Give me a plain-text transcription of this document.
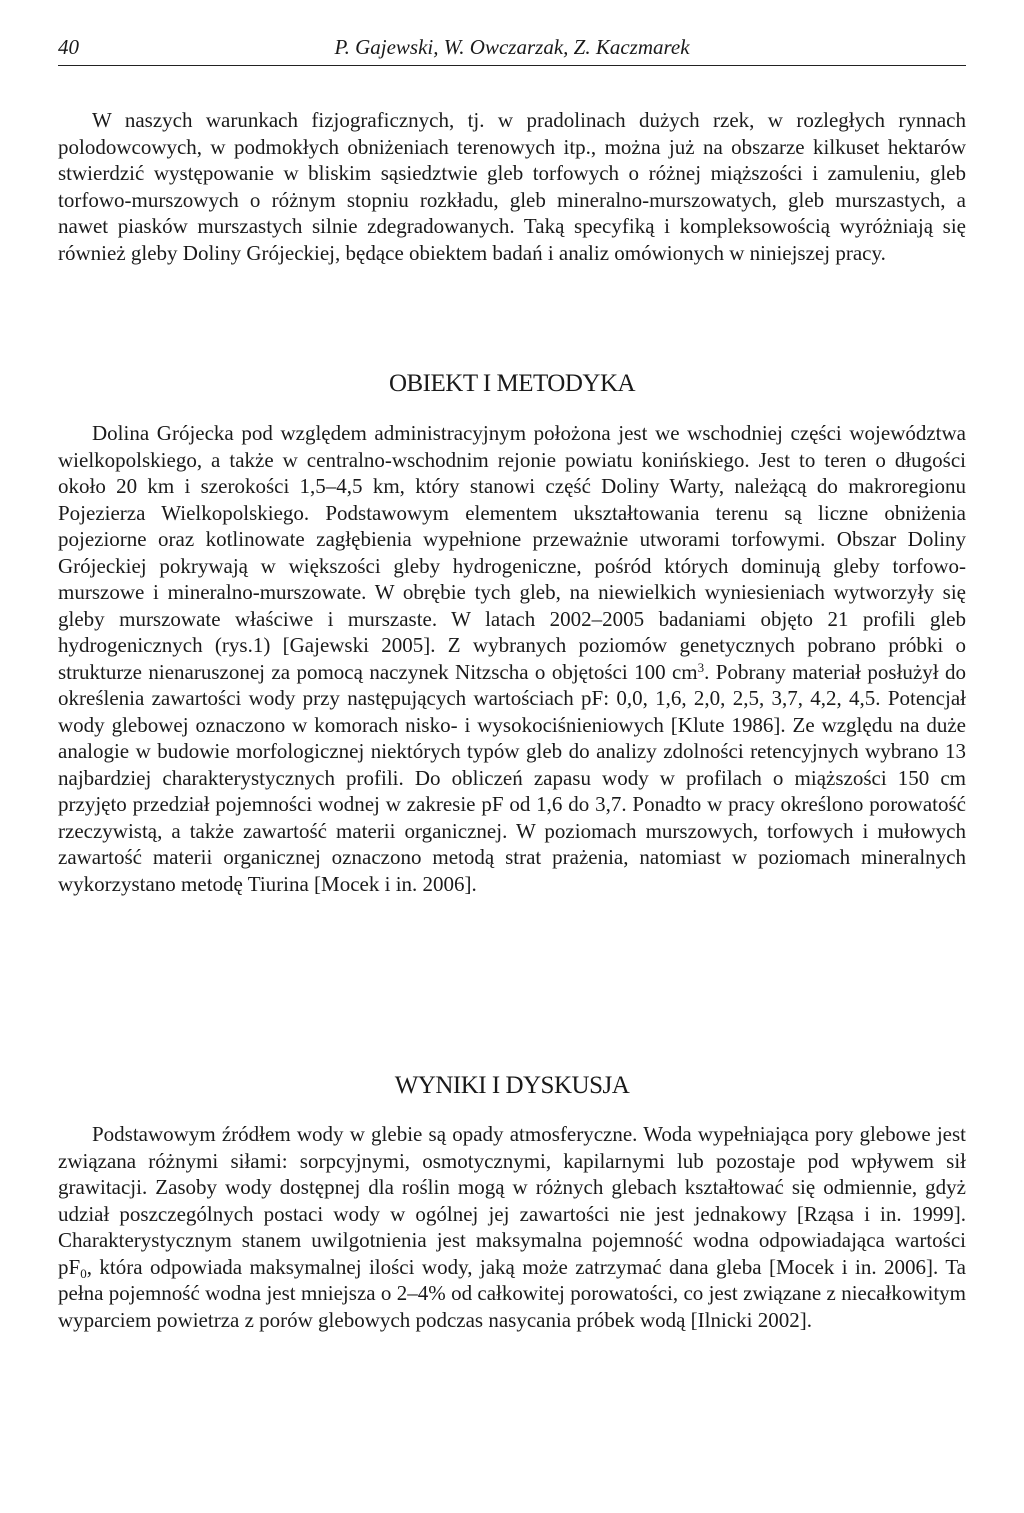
40	P. Gajewski, W. Owczarzak, Z. Kaczmarek

W naszych warunkach fizjograficznych, tj. w pradolinach dużych rzek, w rozległych rynnach polodowcowych, w podmokłych obniżeniach terenowych itp., można już na obszarze kilkuset hektarów stwierdzić występowanie w bliskim sąsiedztwie gleb torfowych o różnej miąższości i zamuleniu, gleb torfowo-murszowych o różnym stopniu rozkładu, gleb mineralno-murszowatych, gleb murszastych, a nawet piasków murszastych silnie zdegradowanych. Taką specyfiką i kompleksowością wyróżniają się również gleby Doliny Grójeckiej, będące obiektem badań i analiz omówionych w niniejszej pracy.

OBIEKT I METODYKA

Dolina Grójecka pod względem administracyjnym położona jest we wschodniej części województwa wielkopolskiego, a także w centralno-wschodnim rejonie powiatu konińskiego. Jest to teren o długości około 20 km i szerokości 1,5–4,5 km, który stanowi część Doliny Warty, należącą do makroregionu Pojezierza Wielkopolskiego. Podstawowym elementem ukształtowania terenu są liczne obniżenia pojeziorne oraz kotlinowate zagłębienia wypełnione przeważnie utworami torfowymi. Obszar Doliny Grójeckiej pokrywają w większości gleby hydrogeniczne, pośród których dominują gleby torfowo-murszowe i mineralno-murszowate. W obrębie tych gleb, na niewielkich wyniesieniach wytworzyły się gleby murszowate właściwe i murszaste. W latach 2002–2005 badaniami objęto 21 profili gleb hydrogenicznych (rys.1) [Gajewski 2005]. Z wybranych poziomów genetycznych pobrano próbki o strukturze nienaruszonej za pomocą naczynek Nitzscha o objętości 100 $cm^3$. Pobrany materiał posłużył do określenia zawartości wody przy następujących wartościach pF: 0,0, 1,6, 2,0, 2,5, 3,7, 4,2, 4,5. Potencjał wody glebowej oznaczono w komorach nisko- i wysokociśnieniowych [Klute 1986]. Ze względu na duże analogie w budowie morfologicznej niektórych typów gleb do analizy zdolności retencyjnych wybrano 13 najbardziej charakterystycznych profili. Do obliczeń zapasu wody w profilach o miąższości 150 cm przyjęto przedział pojemności wodnej w zakresie pF od 1,6 do 3,7. Ponadto w pracy określono porowatość rzeczywistą, a także zawartość materii organicznej. W poziomach murszowych, torfowych i mułowych zawartość materii organicznej oznaczono metodą strat prażenia, natomiast w poziomach mineralnych wykorzystano metodę Tiurina [Mocek i in. 2006].

WYNIKI I DYSKUSJA

Podstawowym źródłem wody w glebie są opady atmosferyczne. Woda wypełniająca pory glebowe jest związana różnymi siłami: sorpcyjnymi, osmotycznymi, kapilarnymi lub pozostaje pod wpływem sił grawitacji. Zasoby wody dostępnej dla roślin mogą w różnych glebach kształtować się odmiennie, gdyż udział poszczególnych postaci wody w ogólnej jej zawartości nie jest jednakowy [Rząsa i in. 1999]. Charakterystycznym stanem uwilgotnienia jest maksymalna pojemność wodna odpowiadająca wartości $pF_0$, która odpowiada maksymalnej ilości wody, jaką może zatrzymać dana gleba [Mocek i in. 2006]. Ta pełna pojemność wodna jest mniejsza o 2–4% od całkowitej porowatości, co jest związane z niecałkowitym wyparciem powietrza z porów glebowych podczas nasycania próbek wodą [Ilnicki 2002].
